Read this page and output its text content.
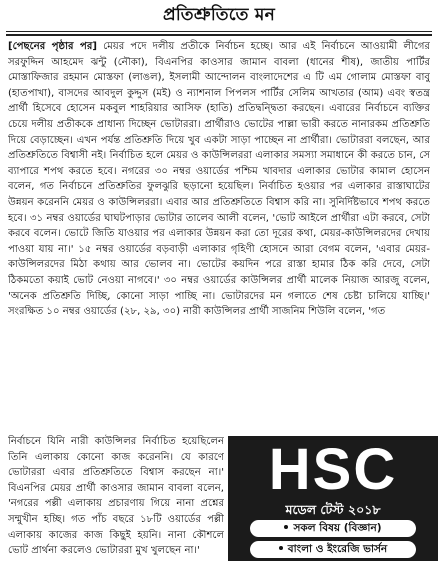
প্রতিশ্রুতিতে মন
[পেছনের পৃষ্ঠার পর] মেয়র পদে দলীয় প্রতীকে নির্বাচন হচ্ছে। আর এই নির্বাচনে আওয়ামী লীগের সরফুদ্দিন আহমেদ ঝন্টু (নৌকা), বিএনপির কাওসার জামান বাবলা (ধানের শীষ), জাতীয় পার্টির মোস্তাফিজার রহমান মোস্তফা (লাঙল), ইসলামী আন্দোলন বাংলাদেশের এ টি এম গোলাম মোস্তফা বাবু (হাতপাখা), বাসদের আবদুল কুদ্দুস (মই) ও ন্যাশনাল পিপলস পার্টির সেলিম আখতার (আম) এবং স্বতন্ত্র প্রার্থী হিসেবে হোসেন মকবুল শাহরিয়ার আসিফ (হাতি) প্রতিদ্বন্দ্বিতা করছেন। এবারের নির্বাচনে ব্যক্তির চেয়ে দলীয় প্রতীককে প্রাধান্য দিচ্ছেন ভোটাররা। প্রার্থীরাও ভোটের পাল্লা ভারী করতে নানারকম প্রতিশ্রুতি দিয়ে বেড়াচ্ছেন। এখন পর্যন্ত প্রতিশ্রুতি দিয়ে খুব একটা সাড়া পাচ্ছেন না প্রার্থীরা। ভোটাররা বলছেন, আর প্রতিশ্রুতিতে বিশ্বাসী নই। নির্বাচিত হলে মেয়র ও কাউন্সিলররা এলাকার সমস্যা সমাধানে কী করতে চান, সে ব্যাপারে শপথ করতে হবে। নগরের ৩০ নম্বর ওয়ার্ডের পশ্চিম খাবদার এলাকার ভোটার কামাল হোসেন বলেন, গত নির্বাচনে প্রতিশ্রুতির ফুলঝুরি ছড়ানো হয়েছিল। নির্বাচিত হওয়ার পর এলাকার রাস্তাঘাটের উন্নয়ন করেননি মেয়র ও কাউন্সিলররা। এবার আর প্রতিশ্রুতিতে বিশ্বাস করি না। সুনির্দিষ্টভাবে শপথ করতে হবে। ৩১ নম্বর ওয়ার্ডের ঘাঘটপাড়ার ভোটার তালেব আলী বলেন, 'ভোট আইলে প্রার্থীরা এটা করবে, সেটা করবে বলেন। ভোটে জিতি যাওয়ার পর এলাকার উন্নয়ন করা তো দূরের কথা, মেয়র-কাউন্সিলরদের দেখায় পাওয়া যায় না।' ১৫ নম্বর ওয়ার্ডের বড়বাড়ী এলাকার গৃহিণী হোসনে আরা বেগম বলেন, 'এবার মেয়র-কাউন্সিলরদের মিঠা কথায় আর ভোলব না। ভোটের কয়দিন পরে রাস্তা হামার ঠিক করি দেবে, সেটা ঠিকমতো কয়াই ভোট নেওয়া নাগবে।' ৩০ নম্বর ওয়ার্ডের কাউন্সিলর প্রার্থী মালেক নিয়াজ আরজু বলেন, 'অনেক প্রতিশ্রুতি দিচ্ছি, কোনো সাড়া পাচ্ছি না। ভোটারদের মন গলাতে শেষ চেষ্টা চালিয়ে যাচ্ছি।' সংরক্ষিত ১০ নম্বর ওয়ার্ডের (২৮, ২৯, ৩০) নারী কাউন্সিলর প্রার্থী সাজনিম শিউলি বলেন, 'গত
নির্বাচনে যিনি নারী কাউন্সিলর নির্বাচিত হয়েছিলেন তিনি এলাকায় কোনো কাজ করেননি। যে কারণে ভোটাররা এবার প্রতিশ্রুতিতে বিশ্বাস করছেন না।' বিএনপির মেয়র প্রার্থী কাওসার জামান বাবলা বলেন, 'নগরের পল্লী এলাকায় প্রচারণায় গিয়ে নানা প্রশ্নের সম্মুখীন হচ্ছি। গত পাঁচ বছরে ১৮টি ওয়ার্ডের পল্লী এলাকায় কাজের কাজ কিছুই হয়নি। নানা কৌশলে ভোট প্রার্থনা করলেও ভোটাররা মুখ খুলছেন না।'
HSC
মডেল টেস্ট ২০১৮
সকল বিষয় (বিজ্ঞান)
বাংলা ও ইংরেজি ভার্সন
